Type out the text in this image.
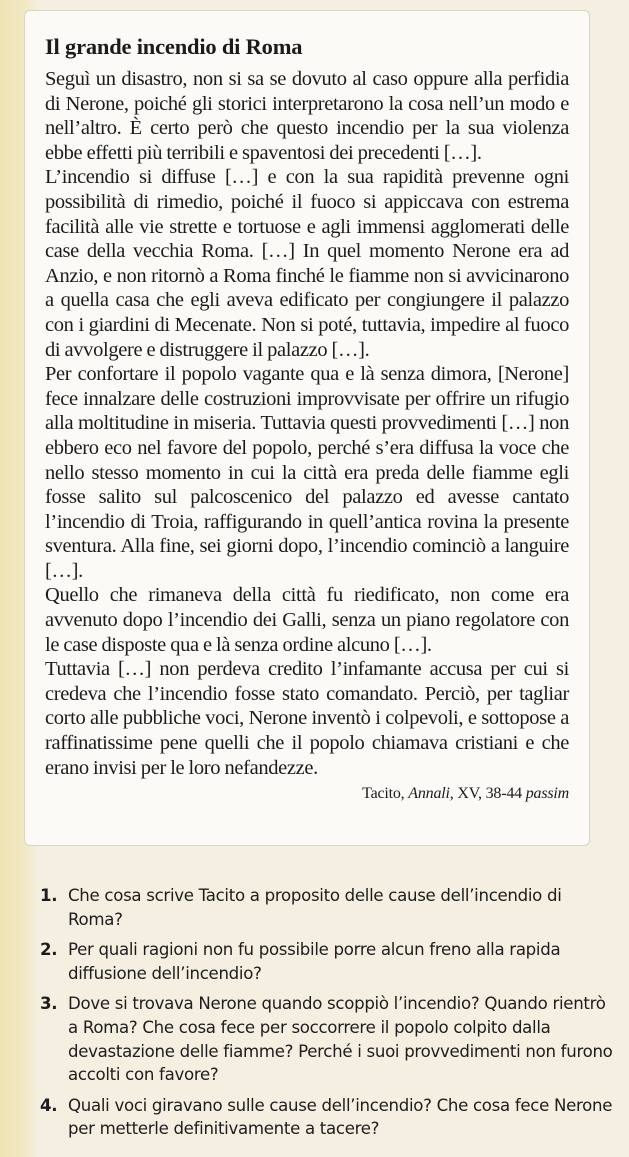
Il grande incendio di Roma

Seguì un disastro, non si sa se dovuto al caso oppure alla perfidia di Nerone, poiché gli storici interpretarono la cosa nell’un modo e nell’altro. È certo però che questo incendio per la sua violenza ebbe effetti più terribili e spaventosi dei precedenti […].

L’incendio si diffuse […] e con la sua rapidità prevenne ogni possibilità di rimedio, poiché il fuoco si appiccava con estrema facilità alle vie strette e tortuose e agli immensi agglomerati delle case della vecchia Roma. […] In quel momento Nerone era ad Anzio, e non ritornò a Roma finché le fiamme non si avvicinarono a quella casa che egli aveva edificato per congiungere il palazzo con i giardini di Mecenate. Non si poté, tuttavia, impedire al fuoco di avvolgere e distruggere il palazzo […].

Per confortare il popolo vagante qua e là senza dimora, [Nerone] fece innalzare delle costruzioni improvvisate per offrire un rifugio alla moltitudine in miseria. Tuttavia questi provvedimenti […] non ebbero eco nel favore del popolo, perché s’era diffusa la voce che nello stesso momento in cui la città era preda delle fiamme egli fosse salito sul palcoscenico del palazzo ed avesse cantato l’incendio di Troia, raffigurando in quell’antica rovina la presente sventura. Alla fine, sei giorni dopo, l’incendio cominciò a languire […].

Quello che rimaneva della città fu riedificato, non come era avvenuto dopo l’incendio dei Galli, senza un piano regolatore con le case disposte qua e là senza ordine alcuno […].

Tuttavia […] non perdeva credito l’infamante accusa per cui si credeva che l’incendio fosse stato comandato. Perciò, per tagliar corto alle pubbliche voci, Nerone inventò i colpevoli, e sottopose a raffinatissime pene quelli che il popolo chiamava cristiani e che erano invisi per le loro nefandezze.

Tacito, Annali, XV, 38-44 passim
1. Che cosa scrive Tacito a proposito delle cause dell’incendio di Roma?
2. Per quali ragioni non fu possibile porre alcun freno alla rapida diffusione dell’incendio?
3. Dove si trovava Nerone quando scoppiò l’incendio? Quando rientrò a Roma? Che cosa fece per soccorrere il popolo colpito dalla devastazione delle fiamme? Perché i suoi provvedimenti non furono accolti con favore?
4. Quali voci giravano sulle cause dell’incendio? Che cosa fece Nerone per metterle definitivamente a tacere?
